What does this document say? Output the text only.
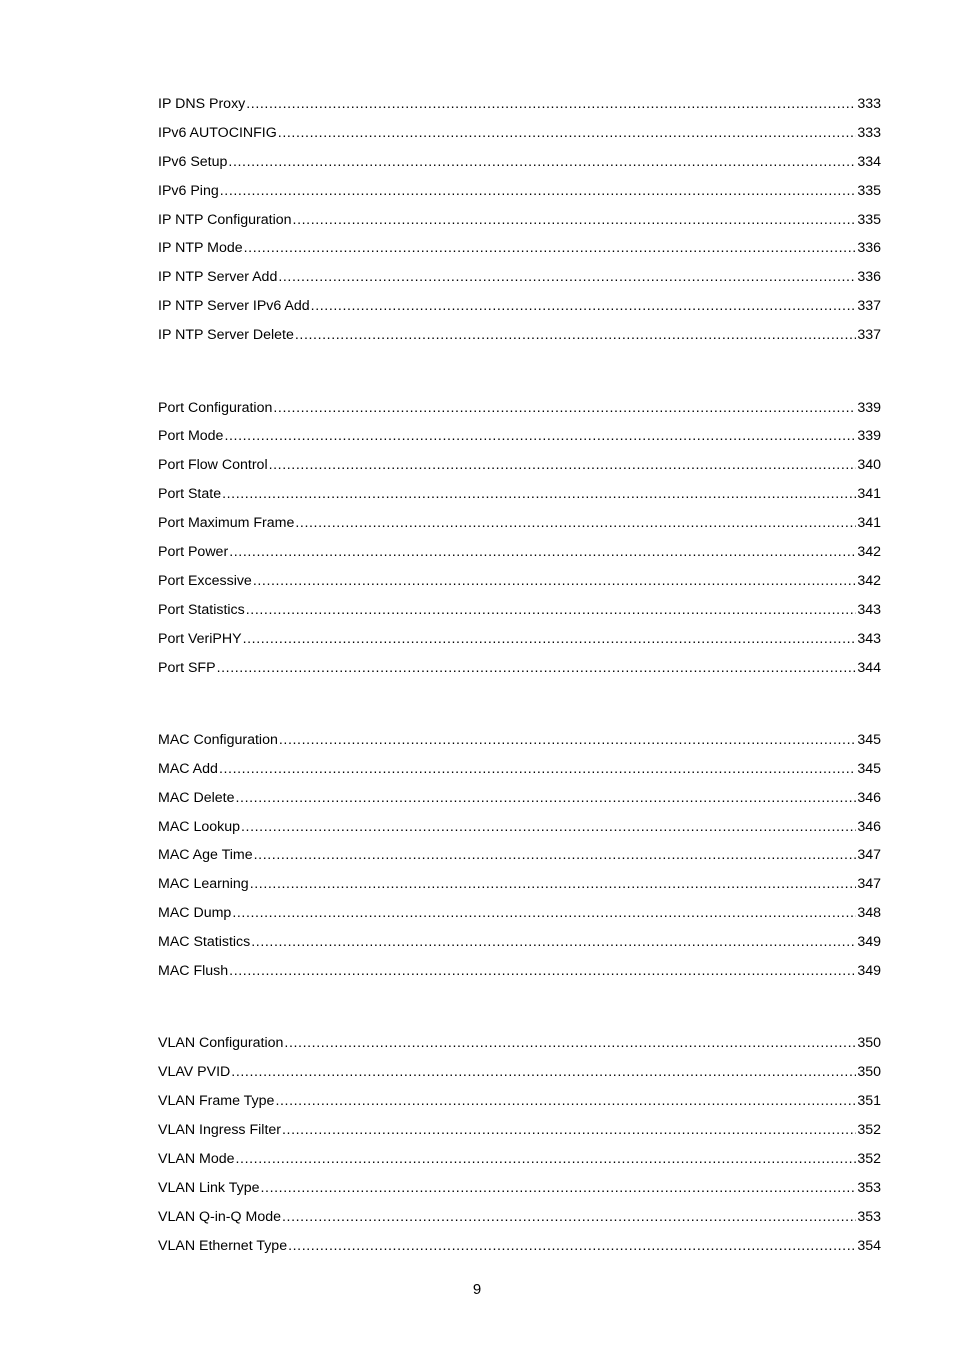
IP DNS Proxy .....	333
IPv6 AUTOCINFIG .....	333
IPv6 Setup .....	334
IPv6 Ping .....	335
IP NTP Configuration .....	335
IP NTP Mode .....	336
IP NTP Server Add .....	336
IP NTP Server IPv6 Add .....	337
IP NTP Server Delete .....	337
Port Configuration .....	339
Port Mode .....	339
Port Flow Control .....	340
Port State .....	341
Port Maximum Frame .....	341
Port Power .....	342
Port Excessive .....	342
Port Statistics .....	343
Port VeriPHY .....	343
Port SFP .....	344
MAC Configuration .....	345
MAC Add .....	345
MAC Delete .....	346
MAC Lookup .....	346
MAC Age Time .....	347
MAC Learning .....	347
MAC Dump .....	348
MAC Statistics .....	349
MAC Flush .....	349
VLAN Configuration .....	350
VLAV PVID .....	350
VLAN Frame Type .....	351
VLAN Ingress Filter .....	352
VLAN Mode .....	352
VLAN Link Type .....	353
VLAN Q-in-Q Mode .....	353
VLAN Ethernet Type .....	354
9
